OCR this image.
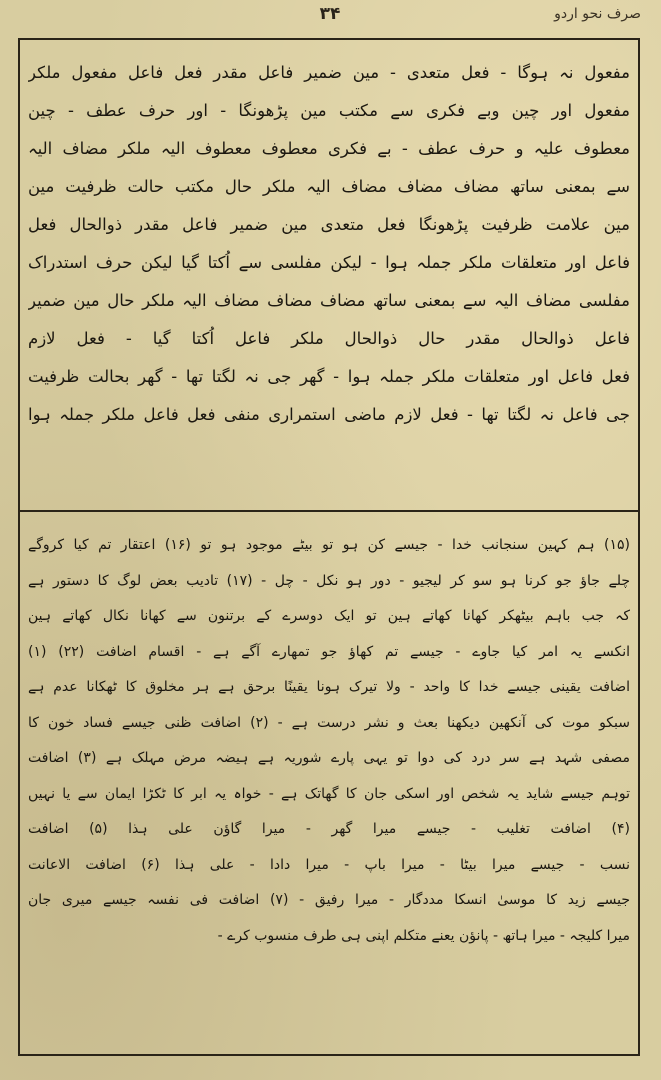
صرف نحو اردو
۳۴
مفعول نہ ہوگا - فعل متعدی - مین ضمیر فاعل مقدر فعل فاعل مفعول ملکر
مفعول اور چین وبے فکری سے مکتب مین پڑھونگا - اور حرف عطف - چین
معطوف علیہ و حرف عطف - بے فکری معطوف معطوف الیہ ملکر مضاف الیہ
سے بمعنی ساتھ مضاف مضاف مضاف الیہ ملکر حال مکتب حالت ظرفیت مین
مین علامت ظرفیت پڑھونگا فعل متعدی مین ضمیر فاعل مقدر ذوالحال فعل
فاعل اور متعلقات ملکر جملہ ہوا - لیکن مفلسی سے اُکتا گیا لیکن حرف استدراک
مفلسی مضاف الیہ سے بمعنی ساتھ مضاف مضاف مضاف الیہ ملکر حال مین ضمیر
فاعل ذوالحال مقدر حال ذوالحال ملکر فاعل اُکتا گیا - فعل لازم
فعل فاعل اور متعلقات ملکر جملہ ہوا - گھر جی نہ لگتا تھا - گھر بحالت ظرفیت
جی فاعل نہ لگتا تھا - فعل لازم ماضی استمراری منفی فعل فاعل ملکر جملہ ہوا
(۱۵) ہم کہین سنجانب خدا - جیسے کن ہو تو بیٹے موجود ہو تو (۱۶) اعتقار تم کیا کروگے
چلے جاؤ جو کرنا ہو سو کر لیجیو - دور ہو نکل - چل - (۱۷) تادیب بعض لوگ کا دستور ہے
کہ جب باہم بیٹھکر کھانا کھاتے ہین تو ایک دوسرے کے برتنون سے کھانا نکال کھاتے ہین
انکسے یہ امر کیا جاوے - جیسے تم کھاؤ جو تمھارے آگے ہے - اقسام اضافت (۲۲) (۱)
اضافت یقینی جیسے خدا کا واحد - ولا تیرک ہونا یقینًا برحق ہے ہر مخلوق کا ٹھکانا عدم ہے
سبکو موت کی آنکھین دیکھنا بعث و نشر درست ہے - (۲) اضافت ظنی جیسے فساد خون کا
مصفی شہد ہے سر درد کی دوا تو یہی پارے شوریہ ہے ہیضہ مرض مہلک ہے (۳) اضافت
توہم جیسے شاید یہ شخص اور اسکی جان کا گھاتک ہے - خواہ یہ ابر کا ٹکڑا ایمان سے یا نہیں
(۴) اضافت تغلیب - جیسے میرا گھر - میرا گاؤن علی ہذا (۵) اضافت
نسب - جیسے میرا بیٹا - میرا باپ - میرا دادا - علی ہذا (۶) اضافت الاعانت
جیسے زید کا موسیٰ انسکا مددگار - میرا رفیق - (۷) اضافت فی نفسہ جیسے میری جان
میرا کلیجہ - میرا ہاتھ - پانؤن یعنے متکلم اپنی ہی طرف منسوب کرے -
